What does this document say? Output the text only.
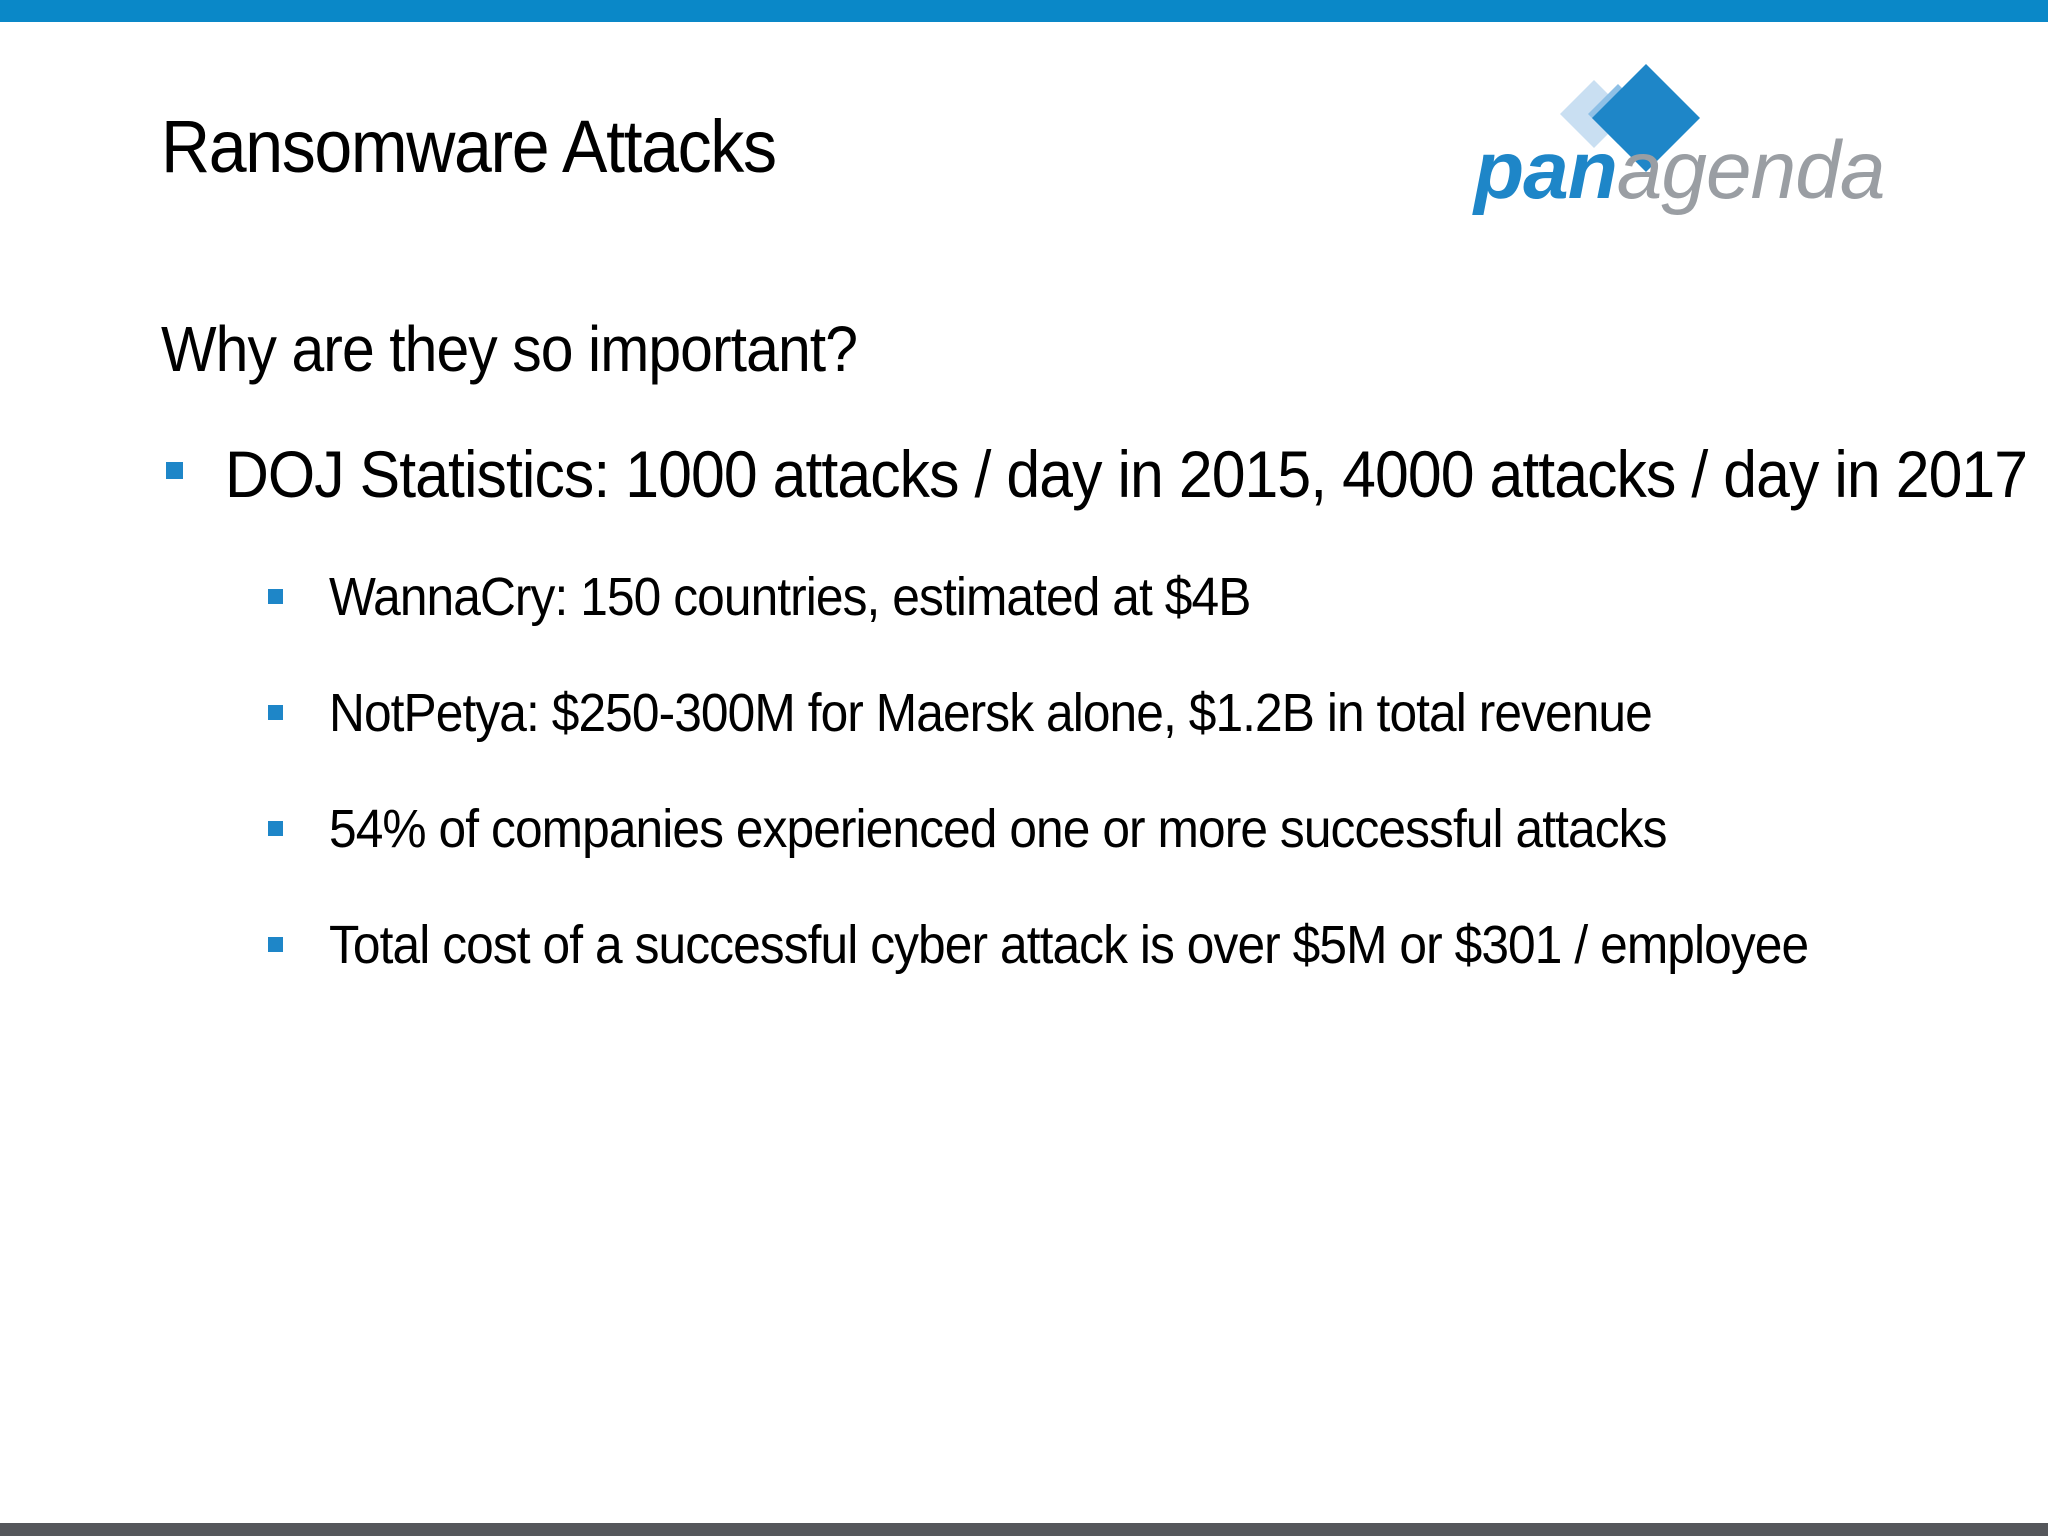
Ransomware Attacks	panagenda
Why are they so important?
DOJ Statistics: 1000 attacks / day in 2015, 4000 attacks / day in 2017
WannaCry: 150 countries, estimated at $4B
NotPetya: $250-300M for Maersk alone, $1.2B in total revenue
54% of companies experienced one or more successful attacks
Total cost of a successful cyber attack is over $5M or $301 / employee
